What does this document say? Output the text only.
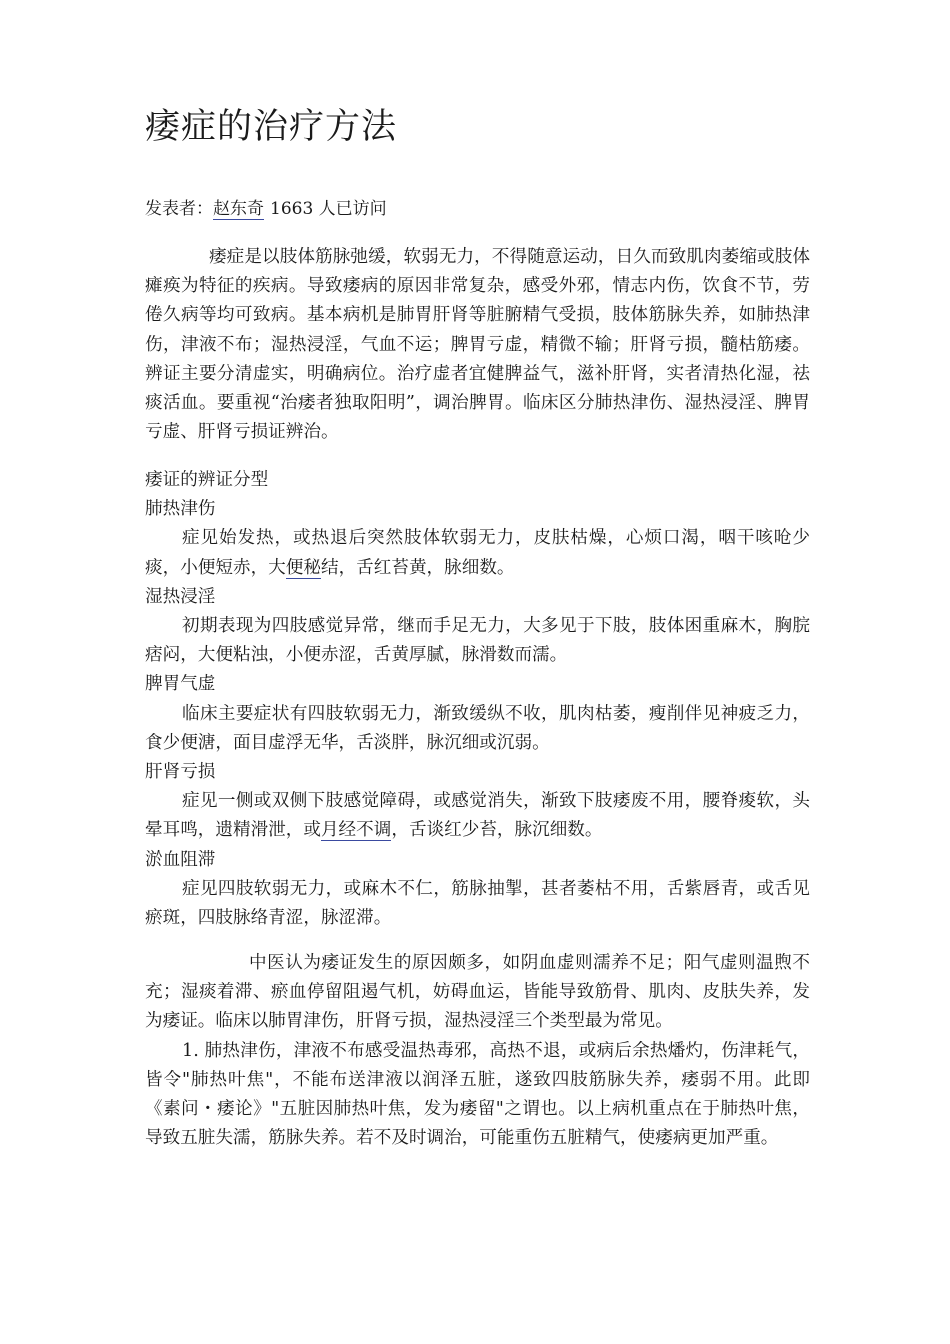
痿症的治疗方法
发表者：赵东奇 1663 人已访问

痿症是以肢体筋脉弛缓，软弱无力，不得随意运动，日久而致肌肉萎缩或肢体瘫痪为特征的疾病。导致痿病的原因非常复杂，感受外邪，情志内伤，饮食不节，劳倦久病等均可致病。基本病机是肺胃肝肾等脏腑精气受损，肢体筋脉失养，如肺热津伤，津液不布；湿热浸淫，气血不运；脾胃亏虚，精微不输；肝肾亏损，髓枯筋痿。辨证主要分清虚实，明确病位。治疗虚者宜健脾益气，滋补肝肾，实者清热化湿，祛痰活血。要重视“治痿者独取阳明”，调治脾胃。临床区分肺热津伤、湿热浸淫、脾胃亏虚、肝肾亏损证辨治。

痿证的辨证分型

肺热津伤

症见始发热，或热退后突然肢体软弱无力，皮肤枯燥，心烦口渴，咽干咳呛少痰，小便短赤，大便秘结，舌红苔黄，脉细数。

湿热浸淫

初期表现为四肢感觉异常，继而手足无力，大多见于下肢，肢体困重麻木，胸脘痞闷，大便粘浊，小便赤涩，舌黄厚腻，脉滑数而濡。

脾胃气虚

临床主要症状有四肢软弱无力，渐致缓纵不收，肌肉枯萎，瘦削伴见神疲乏力，食少便溏，面目虚浮无华，舌淡胖，脉沉细或沉弱。

肝肾亏损

症见一侧或双侧下肢感觉障碍，或感觉消失，渐致下肢痿废不用，腰脊痠软，头晕耳鸣，遗精滑泄，或月经不调，舌谈红少苔，脉沉细数。

淤血阻滞

症见四肢软弱无力，或麻木不仁，筋脉抽掣，甚者萎枯不用，舌紫唇青，或舌见瘀斑，四肢脉络青涩，脉涩滞。

中医认为痿证发生的原因颇多，如阴血虚则濡养不足；阳气虚则温煦不充；湿痰着滞、瘀血停留阻遏气机，妨碍血运，皆能导致筋骨、肌肉、皮肤失养，发为痿证。临床以肺胃津伤，肝肾亏损，湿热浸淫三个类型最为常见。

1. 肺热津伤，津液不布感受温热毒邪，高热不退，或病后余热燔灼，伤津耗气，皆令"肺热叶焦"，不能布送津液以润泽五脏，遂致四肢筋脉失养，痿弱不用。此即《素问・痿论》"五脏因肺热叶焦，发为痿留"之谓也。以上病机重点在于肺热叶焦，导致五脏失濡，筋脉失养。若不及时调治，可能重伤五脏精气，使痿病更加严重。
